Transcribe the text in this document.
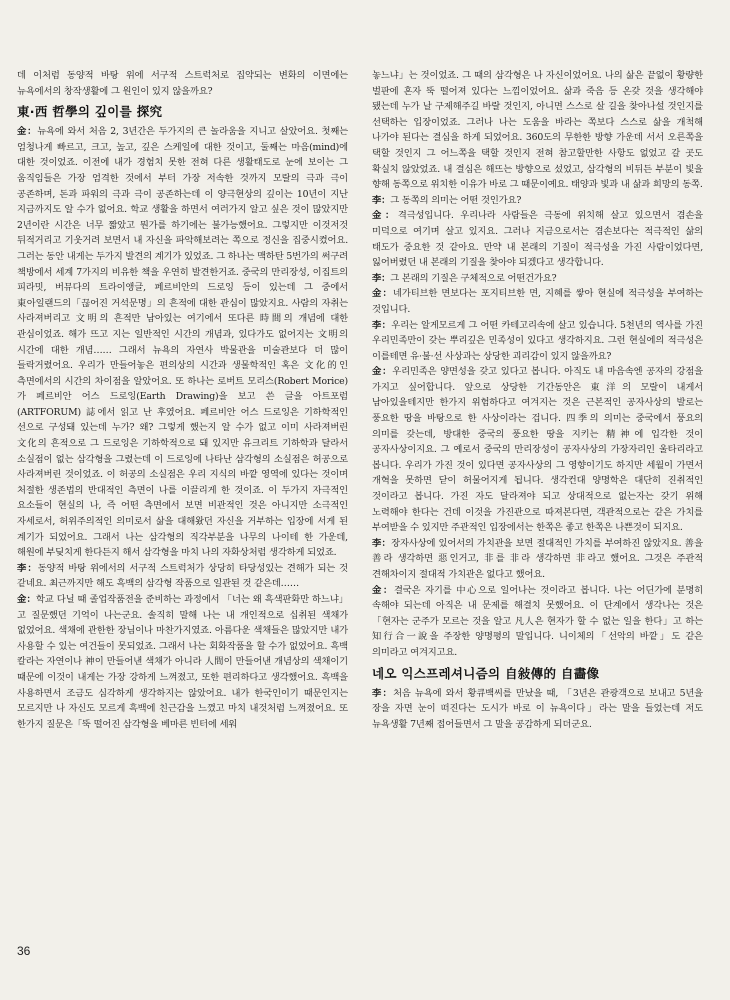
데 이처럼 동양적 바탕 위에 서구적 스트럭처로 집약되는 변화의 이면에는 뉴욕에서의 창작생활에 그 원인이 있지 않을까요?

東·西 哲學의 깊이를 探究

金：뉴욕에 와서 처음 2, 3년간은 두가지의 큰 놀라움을 지니고 살았어요. 첫째는 엄청나게 빠르고, 크고, 높고, 깊은 스케일에 대한 것이고, 둘째는 마음(mind)에 대한 것이었죠. 이전에 내가 경험치 못한 전혀 다른 생활태도로 눈에 보이는 그 움직임들은 가장 엄격한 것에서 부터 가장 저속한 것까지 모랄의 극과 극이 공존하며, 돈과 파워의 극과 극이 공존하는데 이 양극현상의 깊이는 10년이 지난 지금까지도 알 수가 없어요. 학교 생활을 하면서 여러가지 알고 싶은 것이 많았지만 2년이란 시간은 너무 짧았고 뭔가를 하기에는 불가능했어요. 그렇지만 이것저것 뒤적거리고 기웃거려 보면서 내 자신을 파악해보려는 쪽으로 정신을 집중시켰어요. 그러는 동안 내게는 두가지 발견의 계기가 있었죠. 그 하나는 맥하탄 5번가의 써구려 책방에서 세계 7가지의 비유한 책을 우연히 발견한거죠. 중국의 만리장성, 이집트의 피라밋, 버뮤다의 트라이앵글, 페르비안의 드로잉 등이 있는데 그 중에서 東아일랜드의「끊어진 거석문명」의 흔적에 대한 관심이 많았지요. 사람의 자취는 사라져버리고 文明의 흔적만 남아있는 여기에서 또다른 時間의 개념에 대한 관심이었죠. 해가 뜨고 지는 일반적인 시간의 개념과, 있다가도 없어지는 文明의 시간에 대한 개념…… 그래서 뉴욕의 자연사 박물관을 미술관보다 더 많이 들락거렸어요. 우리가 만들어놓은 편의상의 시간과 생물학적인 혹은 文化的인 측면에서의 시간의 차이점을 알았어요. 또 하나는 로버트 모리스(Robert Morice)가 페르비안 어스 드로잉(Earth Drawing)을 보고 쓴 글을 아트포럼(ARTFORUM) 誌에서 읽고 난 후였어요. 페르비안 어스 드로잉은 기하학적인 선으로 구성돼 있는데 누가? 왜? 그렇게 했는지 알 수가 없고 이미 사라져버린 文化의 흔적으로 그 드로잉은 기하학적으로 돼 있지만 유크리트 기하학과 달라서 소실점이 없는 삼각형을 그렸는데 이 드로잉에 나타난 삼각형의 소실점은 허공으로 사라져버린 것이었죠. 이 허공의 소실점은 우리 지식의 바깥 영역에 있다는 것이며 처절한 생존법의 반대적인 측면이 나를 이끌리게 한 것이죠. 이 두가지 자극적인 요소들이 현실의 나, 즉 어떤 측면에서 보면 비관적인 것은 아니지만 소극적인 자세로서, 허위주의적인 의미로서 삶을 대해왔던 자신을 거부하는 입장에 서게 된 계기가 되었어요. 그래서 나는 삼각형의 직각부분을 나무의 나이테 한 가운데, 해원에 부딪치게 한다든지 해서 삼각형을 마치 나의 자화상처럼 생각하게 되었죠.

李：동양적 바탕 위에서의 서구적 스트럭처가 상당히 타당성있는 견해가 되는 것 같네요. 최근까지만 해도 흑백의 삼각형 작품으로 일관된 것 같은데……

金：학교 다닐 때 졸업작품전을 준비하는 과정에서 「너는 왜 흑색판화만 하느냐」고 질문했던 기억이 나는군요. 솔직히 말해 나는 내 개인적으로 십취된 색채가 없었어요. 색채에 관한한 장님이나 마찬가지였죠. 아름다운 색채들은 많았지만 내가 사용할 수 있는 여건들이 못되었죠. 그래서 나는 회화작품을 할 수가 없었어요. 흑백 칼라는 자연이나 神이 만들어낸 색채가 아니라 人間이 만들어낸 개념상의 색채이기 때문에 이것이 내게는 가장 강하게 느껴졌고, 또한 편리하다고 생각했어요. 흑백을 사용하면서 조금도 심각하게 생각하지는 않았어요. 내가 한국인이기 때문인지는 모르지만 나 자신도 모르게 흑백에 친근감을 느꼈고 마치 내것처럼 느껴졌어요. 또 한가지 질문은「뚝 떨어진 삼각형을 베마른 빈터에 세워

놓느냐」는 것이었죠. 그 때의 삼각형은 나 자신이었어요. 나의 삶은 끝없이 황량한 벌판에 혼자 뚝 떨어져 있다는 느낌이었어요. 삶과 죽음 등 온갖 것을 생각해야 됐는데 누가 날 구제해주길 바랄 것인지, 아니면 스스로 살 길을 찾아나설 것인지를 선택하는 입장이었죠. 그러나 나는 도움을 바라는 쪽보다 스스로 삶을 개척해 나가야 된다는 결심을 하게 되었어요. 360도의 무한한 방향 가운데 서서 오른쪽을 택할 것인지 그 어느쪽을 택할 것인지 전혀 참고할만한 사항도 없었고 갈 곳도 확실치 않았었죠. 내 결심은 해뜨는 방향으로 섰었고, 삼각형의 비뒤든 부분이 빛을 향해 동쪽으로 위치한 이유가 바로 그 때문이예요. 태양과 빛과 내 삶과 희망의 동쪽.

李：그 동쪽의 의미는 어떤 것인가요?

金：격극성입니다. 우리나라 사람들은 극동에 위치해 살고 있으면서 겸손을 미덕으로 여기며 살고 있지요. 그러나 지금으로서는 겸손보다는 적극적인 삶의 태도가 중요한 것 같아요. 만약 내 본래의 기질이 적극성을 가진 사람이었다면, 잃어버렸던 내 본래의 기질을 찾아야 되겠다고 생각합니다.

李：그 본래의 기질은 구체적으로 어떤건가요?

金：네가티브한 면보다는 포지티브한 면, 지혜를 쌓아 현실에 적극성을 부여하는 것입니다.

李：우리는 알게모르게 그 어떤 카테고리속에 살고 있습니다. 5천년의 역사를 가진 우리민족만이 갖는 뿌리깊은 민족성이 있다고 생각하지요. 그런 현실에의 적극성은 이를테면 유·불·선 사상과는 상당한 괴리감이 있지 않을까요?

金：우리민족은 양면성을 갖고 있다고 봅니다. 아직도 내 마음속엔 공자의 강점을 가지고 싶어합니다. 앞으로 상당한 기간동안은 東洋의 모랄이 내게서 남아있을테지만 한가지 위험하다고 여겨지는 것은 근본적인 공자사상의 발로는 풍요한 땅을 바탕으로 한 사상이라는 겁니다. 四季의 의미는 중국에서 풍요의 의미를 갖는데, 방대한 중국의 풍요한 땅을 지키는 精神에 입각한 것이 공자사상이지요. 그 예로서 중국의 만리장성이 공자사상의 가장자리인 울타리라고 봅니다. 우리가 가진 것이 있다면 공자사상의 그 영향이기도 하지만 세월이 가면서 개혁을 못하면 닫이 허물어지게 됩니다. 생각컨대 양명학은 대단히 진취적인 것이라고 봅니다. 가진 자도 달라져야 되고 상대적으로 없는자는 갖기 위해 노력해야 한다는 건데 이것을 가진관으로 따져본다면, 객관적으로는 같은 가치를 부여받을 수 있지만 주관적인 입장에서는 한쪽은 좋고 한쪽은 나쁜것이 되지요.

李：장자사상에 있어서의 가치관을 보면 절대적인 가치를 부여하진 않았지요. 善을 善라 생각하면 惡인거고, 非를 非라 생각하면 非라고 했어요. 그것은 주관적 견해차이지 절대적 가치관은 없다고 했어요.

金：결국은 자기를 中心으로 일어나는 것이라고 봅니다. 나는 어딘가에 분명히 속해야 되는데 아직은 내 문제를 해결치 못했어요. 이 단계에서 생각나는 것은「현자는 군주가 모르는 것을 알고 凡人은 현자가 할 수 없는 일을 한다」고 하는 知行合一說을 주장한 양명평의 말입니다. 니이체의「선악의 바깥」도 같은 의미라고 여겨지고요.

네오 익스프레셔니즘의 自敍傳的 自畵像

李：처음 뉴욕에 와서 황큐백씨를 만났을 때, 「3년은 관광객으로 보내고 5년을 장을 자면 눈이 떠진다는 도시가 바로 이 뉴욕이다」라는 말을 들었는데 저도 뉴욕생활 7년째 접어들면서 그 말을 공감하게 되더군요.

36
